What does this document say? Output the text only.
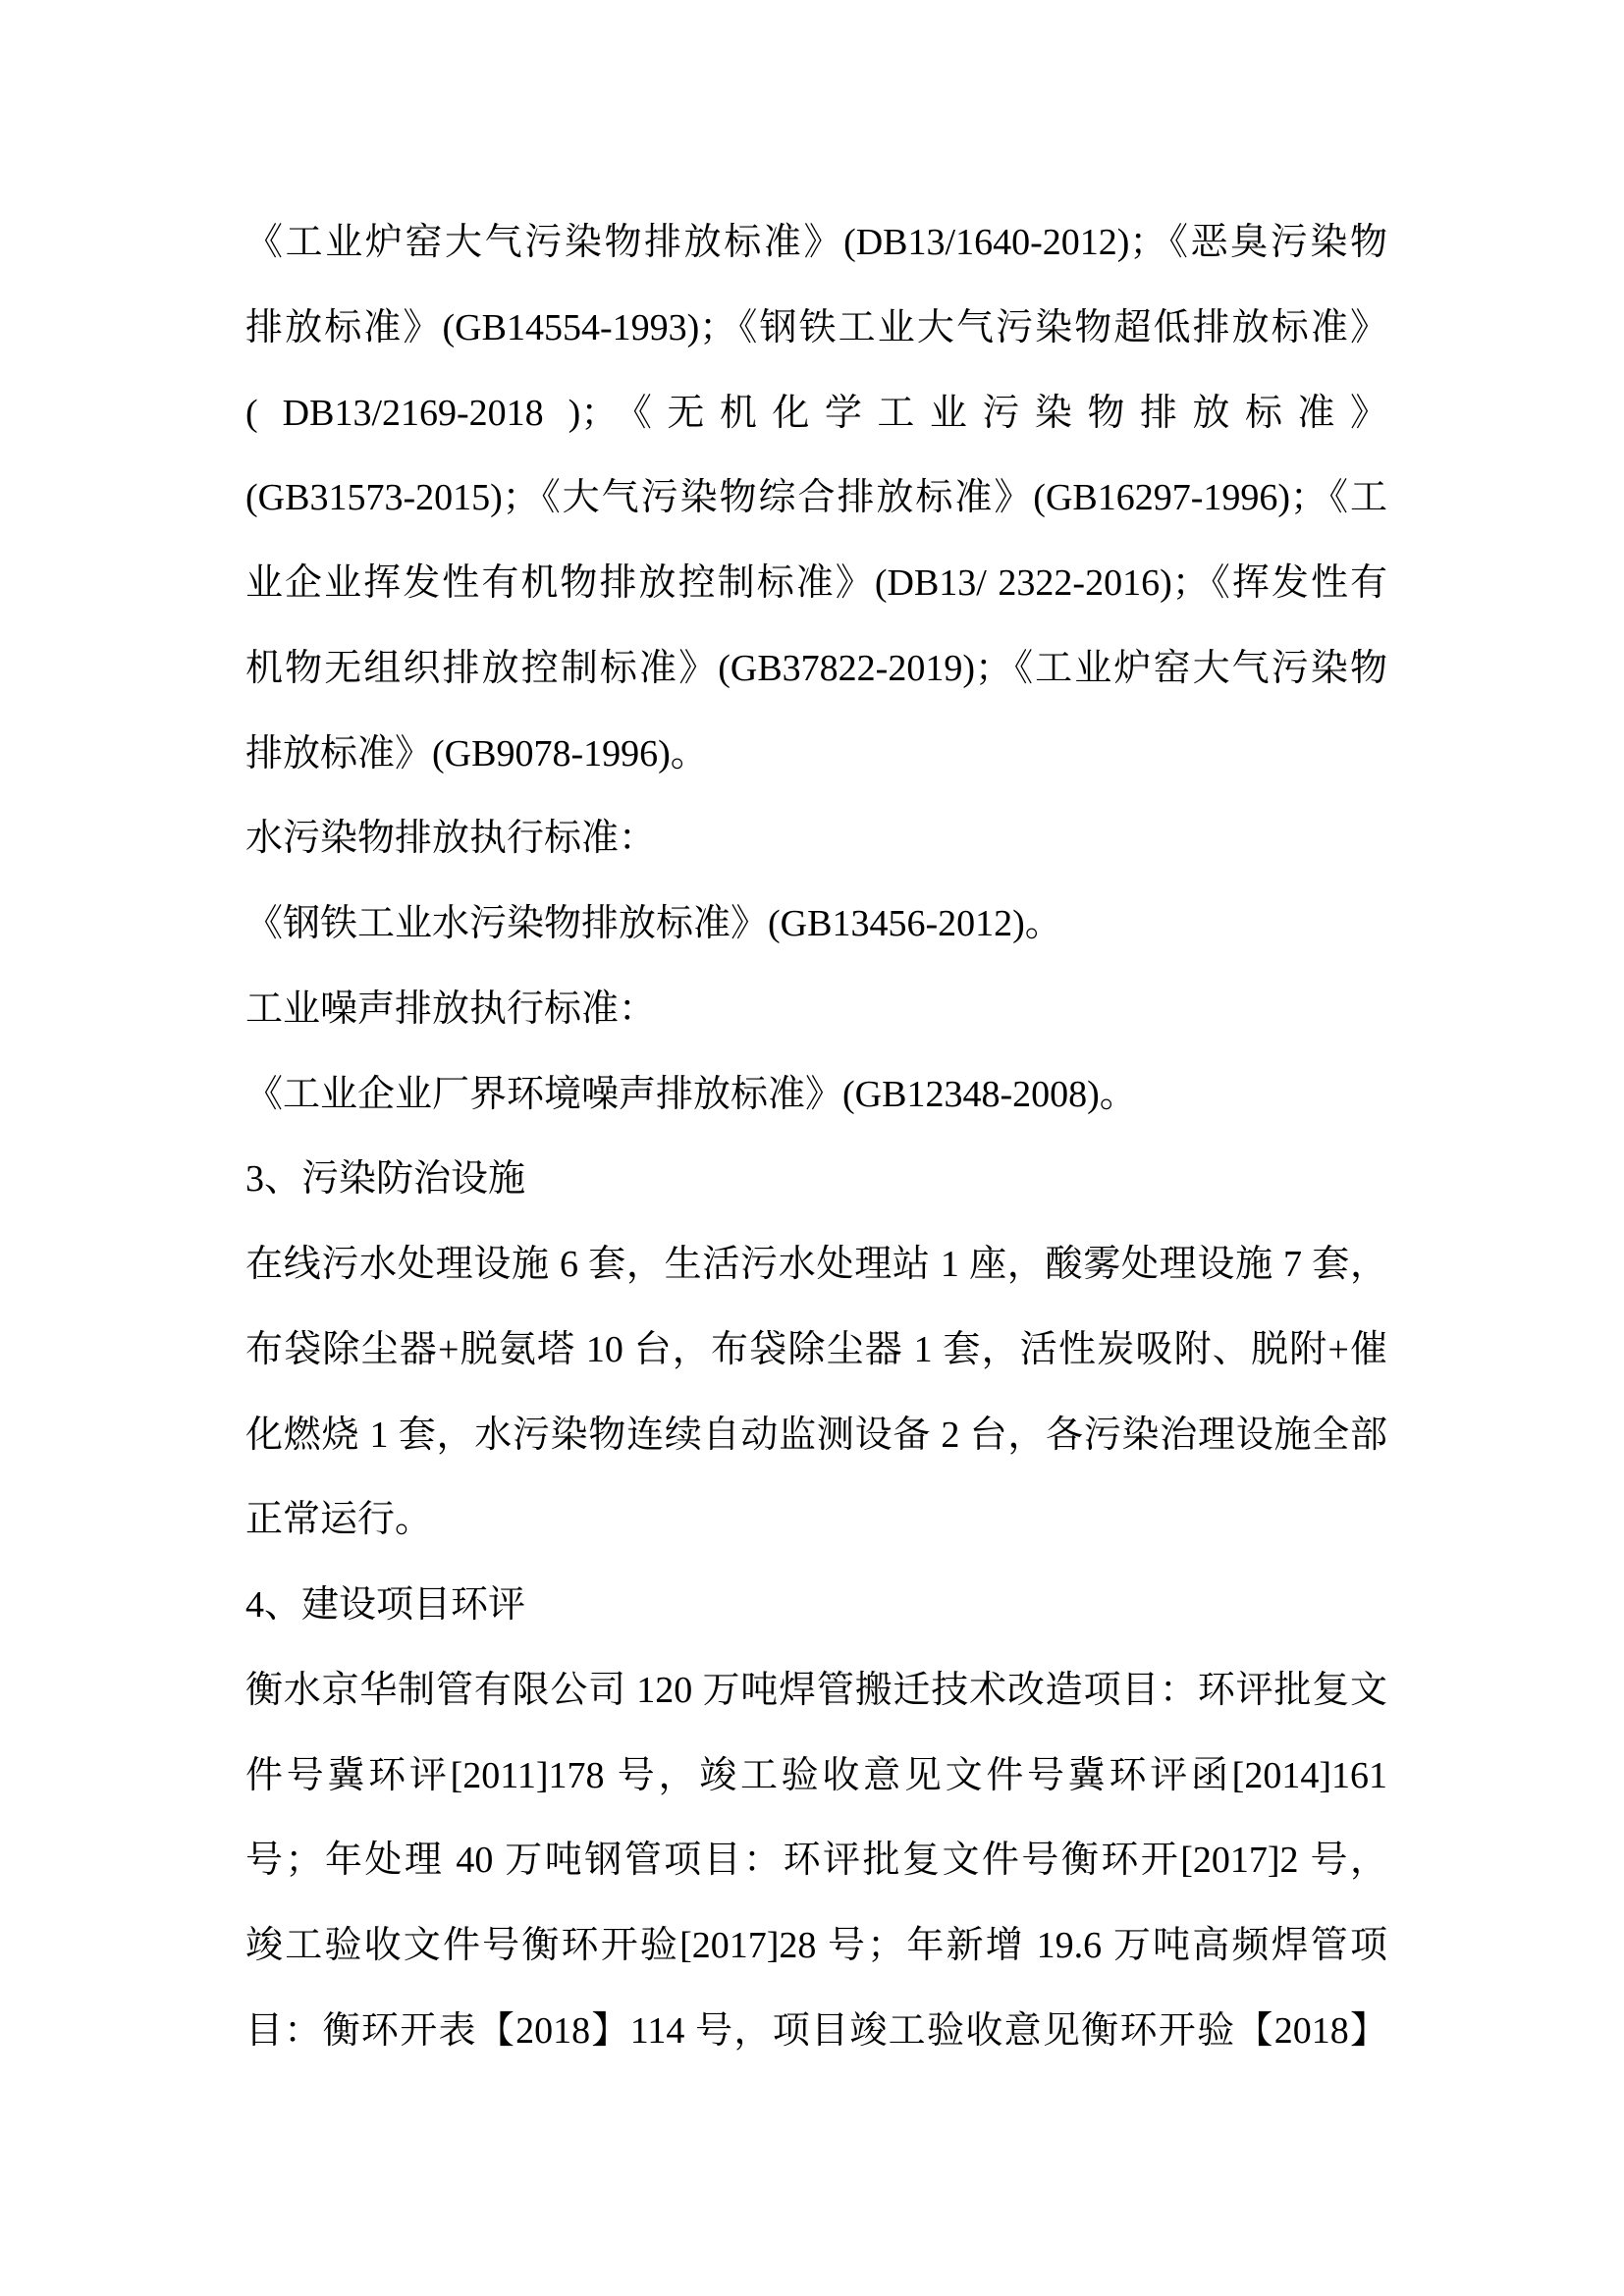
《工业炉窑大气污染物排放标准》(DB13/1640-2012)；《恶臭污染物
排放标准》(GB14554-1993)；《钢铁工业大气污染物超低排放标准》
( DB13/2169-2018 )；《无机化学工业污染物排放标准》
(GB31573-2015)；《大气污染物综合排放标准》(GB16297-1996)；《工
业企业挥发性有机物排放控制标准》(DB13/ 2322-2016)；《挥发性有
机物无组织排放控制标准》(GB37822-2019)；《工业炉窑大气污染物
排放标准》(GB9078-1996)。
水污染物排放执行标准：
《钢铁工业水污染物排放标准》(GB13456-2012)。
工业噪声排放执行标准：
《工业企业厂界环境噪声排放标准》(GB12348-2008)。
3、污染防治设施
在线污水处理设施 6 套，生活污水处理站 1 座，酸雾处理设施 7 套，
布袋除尘器+脱氨塔 10 台，布袋除尘器 1 套，活性炭吸附、脱附+催
化燃烧 1 套，水污染物连续自动监测设备 2 台，各污染治理设施全部
正常运行。
4、建设项目环评
衡水京华制管有限公司 120 万吨焊管搬迁技术改造项目：环评批复文
件号冀环评[2011]178 号，竣工验收意见文件号冀环评函[2014]161
号；年处理 40 万吨钢管项目：环评批复文件号衡环开[2017]2 号，
竣工验收文件号衡环开验[2017]28 号；年新增 19.6 万吨高频焊管项
目：衡环开表【2018】114 号，项目竣工验收意见衡环开验【2018】
